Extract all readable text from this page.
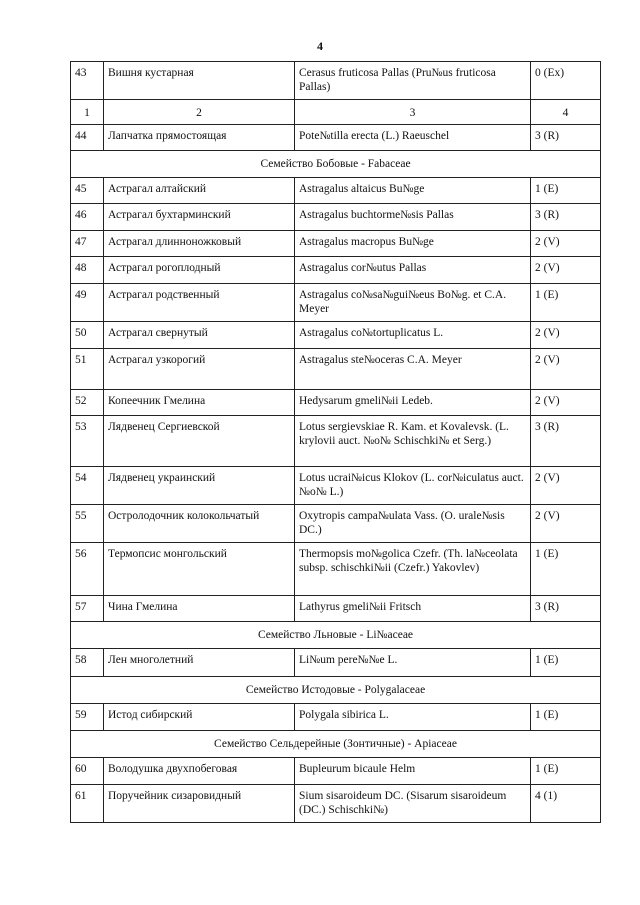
4
43	Вишня кустарная	Cerasus fruticosa Pallas (Pru№us fruticosa Pallas)	0 (Ex)
1	2	3	4
44	Лапчатка прямостоящая	Pote№tilla erecta (L.) Raeuschel	3 (R)
Семейство Бобовые - Fabaceae			
45	Астрагал алтайский	Astragalus altaicus Bu№ge	1 (E)
46	Астрагал бухтарминский	Astragalus buchtorme№sis Pallas	3 (R)
47	Астрагал длинноножковый	Astragalus macropus Bu№ge	2 (V)
48	Астрагал рогоплодный	Astragalus cor№utus Pallas	2 (V)
49	Астрагал родственный	Astragalus co№sa№gui№eus Bo№g. et C.A. Meyer	1 (E)
50	Астрагал свернутый	Astragalus co№tortuplicatus L.	2 (V)
51	Астрагал узкорогий	Astragalus ste№oceras C.A. Meyer	2 (V)
52	Копеечник Гмелина	Hedysarum gmeli№ii Ledeb.	2 (V)
53	Лядвенец Сергиевской	Lotus sergievskiae R. Kam. et Kovalevsk. (L. krylovii auct. №o№ Schischki№ et Serg.)	3 (R)
54	Лядвенец украинский	Lotus ucrai№icus Klokov (L. cor№iculatus auct. №o№ L.)	2 (V)
55	Остролодочник колокольчатый	Oxytropis campa№ulata Vass. (O. urale№sis DC.)	2 (V)
56	Термопсис монгольский	Thermopsis mo№golica Czefr. (Th. la№ceolata subsp. schischki№ii (Czefr.) Yakovlev)	1 (E)
57	Чина Гмелина	Lathyrus gmeli№ii Fritsch	3 (R)
Семейство Льновые - Li№aceae			
58	Лен многолетний	Li№um pere№№e L.	1 (E)
Семейство Истодовые - Polygalaceae			
59	Истод сибирский	Polygala sibirica L.	1 (E)
Семейство Сельдерейные (Зонтичные) - Apiaceae			
60	Володушка двухпобеговая	Bupleurum bicaule Helm	1 (E)
61	Поручейник сизаровидный	Sium sisaroideum DC. (Sisarum sisaroideum (DC.) Schischki№)	4 (1)
